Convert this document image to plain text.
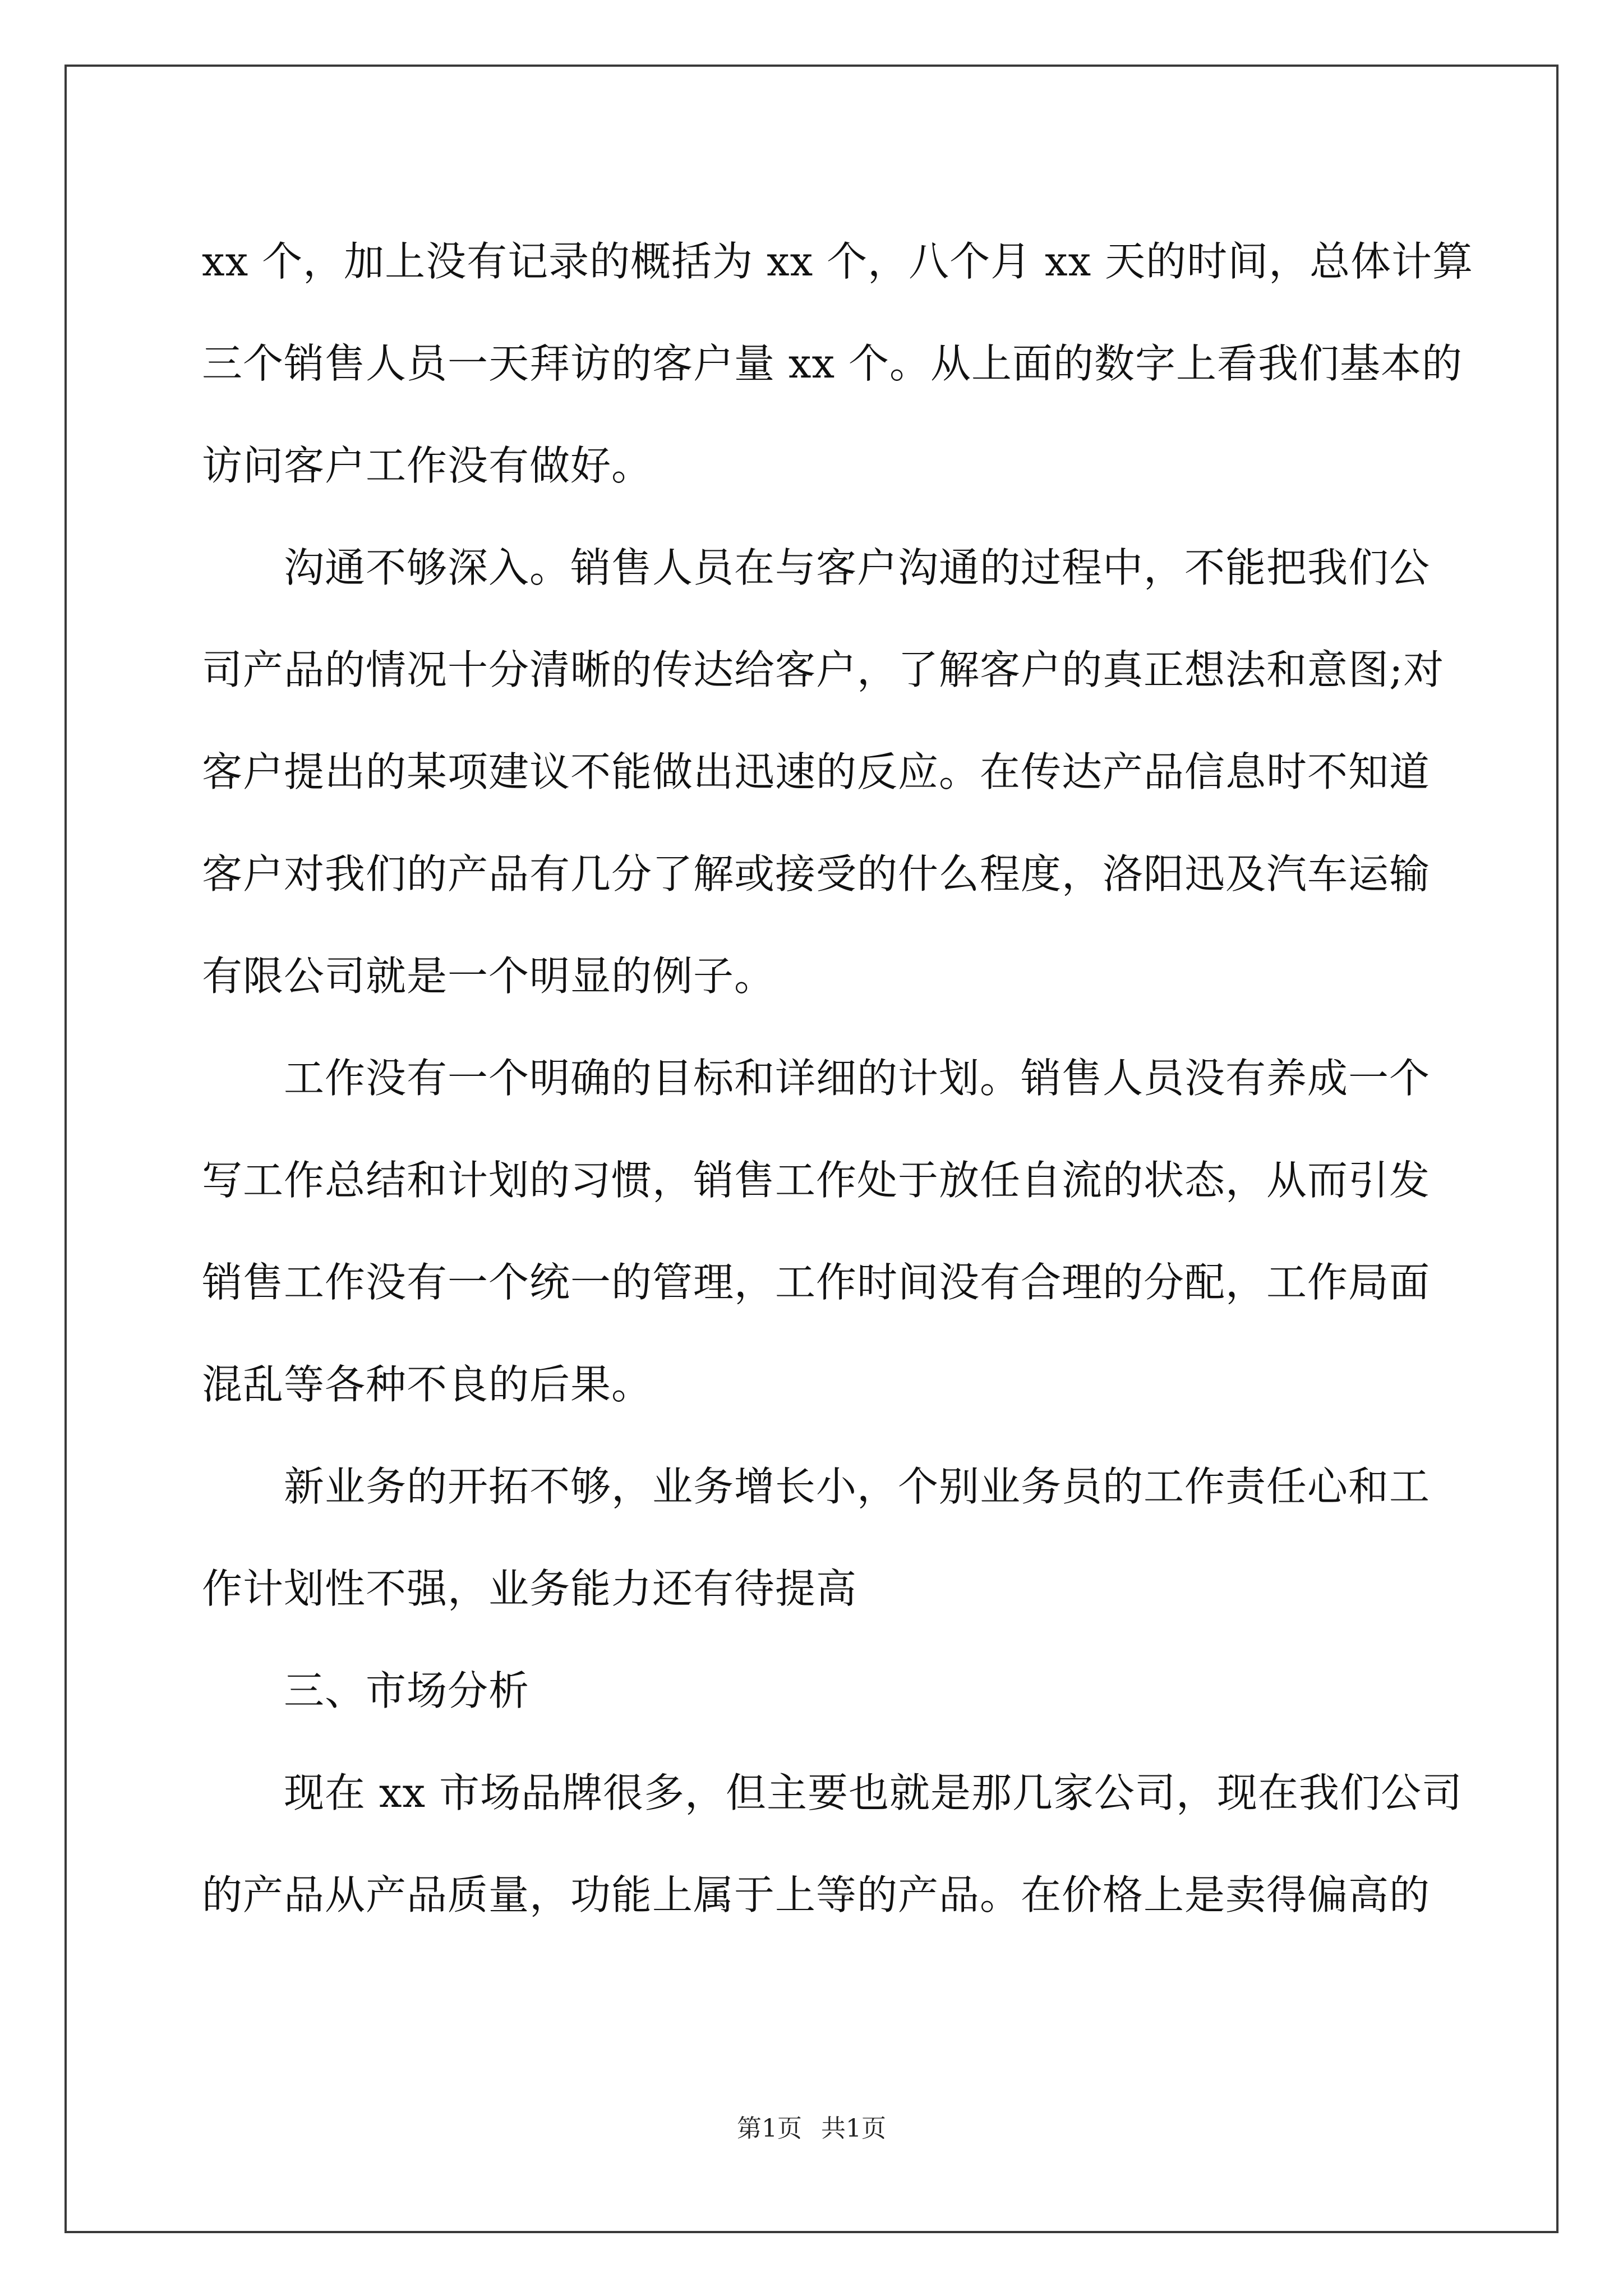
xx 个，加上没有记录的概括为 xx 个，八个月 xx 天的时间，总体计算

三个销售人员一天拜访的客户量 xx 个。从上面的数字上看我们基本的

访问客户工作没有做好。

　　沟通不够深入。销售人员在与客户沟通的过程中，不能把我们公

司产品的情况十分清晰的传达给客户，了解客户的真正想法和意图;对

客户提出的某项建议不能做出迅速的反应。在传达产品信息时不知道

客户对我们的产品有几分了解或接受的什么程度，洛阳迅及汽车运输

有限公司就是一个明显的例子。

　　工作没有一个明确的目标和详细的计划。销售人员没有养成一个

写工作总结和计划的习惯，销售工作处于放任自流的状态，从而引发

销售工作没有一个统一的管理，工作时间没有合理的分配，工作局面

混乱等各种不良的后果。

　　新业务的开拓不够，业务增长小，个别业务员的工作责任心和工

作计划性不强，业务能力还有待提高

　　三、市场分析

　　现在 xx 市场品牌很多，但主要也就是那几家公司，现在我们公司

的产品从产品质量，功能上属于上等的产品。在价格上是卖得偏高的

第1页 共1页
